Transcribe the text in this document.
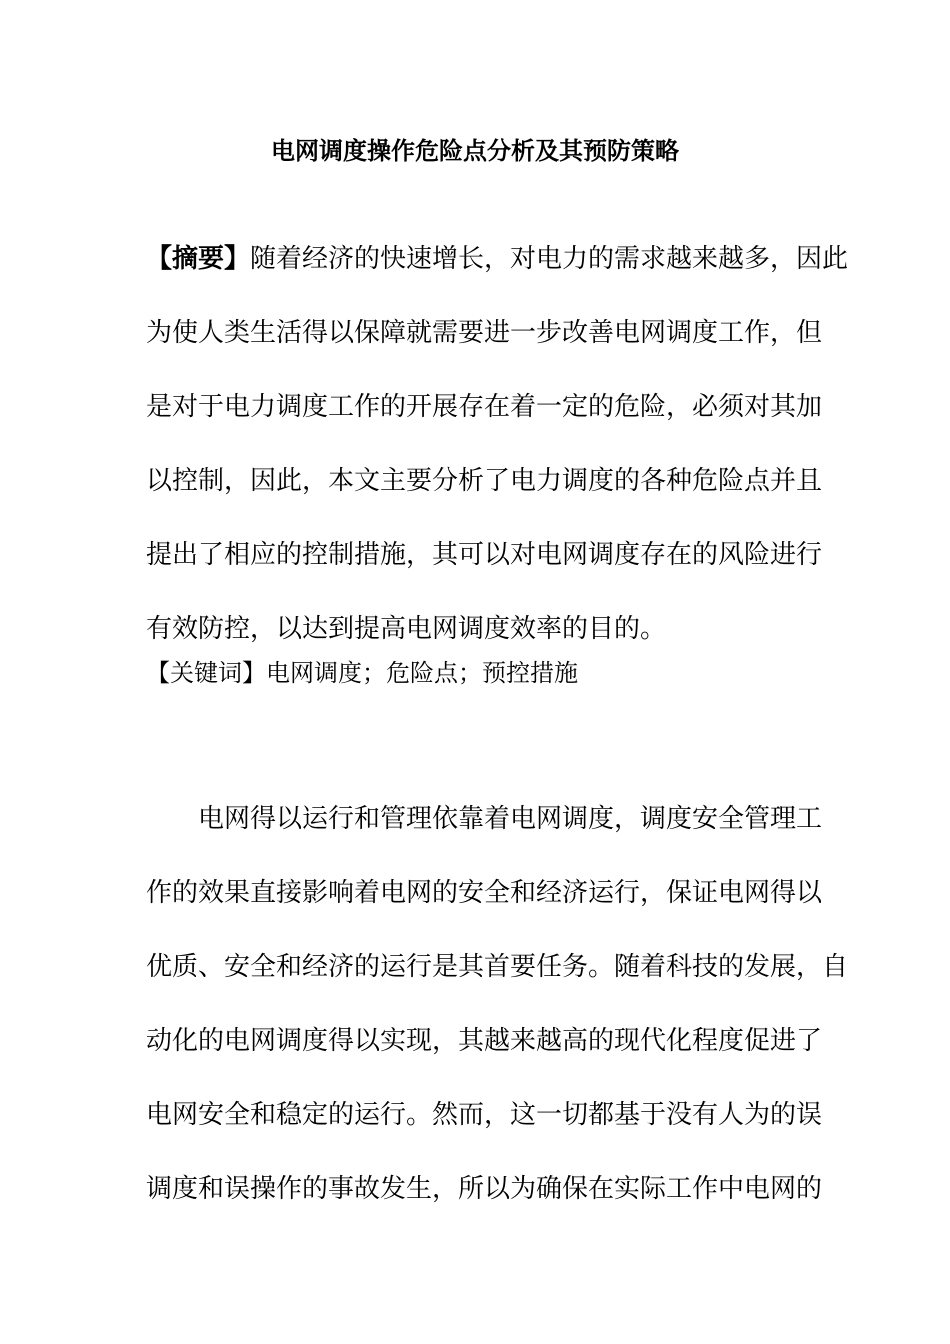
电网调度操作危险点分析及其预防策略
【摘要】随着经济的快速增长，对电力的需求越来越多，因此
为使人类生活得以保障就需要进一步改善电网调度工作，但
是对于电力调度工作的开展存在着一定的危险，必须对其加
以控制，因此，本文主要分析了电力调度的各种危险点并且
提出了相应的控制措施，其可以对电网调度存在的风险进行
有效防控，以达到提高电网调度效率的目的。
【关键词】电网调度；危险点；预控措施
电网得以运行和管理依靠着电网调度，调度安全管理工
作的效果直接影响着电网的安全和经济运行，保证电网得以
优质、安全和经济的运行是其首要任务。随着科技的发展，自
动化的电网调度得以实现，其越来越高的现代化程度促进了
电网安全和稳定的运行。然而，这一切都基于没有人为的误
调度和误操作的事故发生，所以为确保在实际工作中电网的
